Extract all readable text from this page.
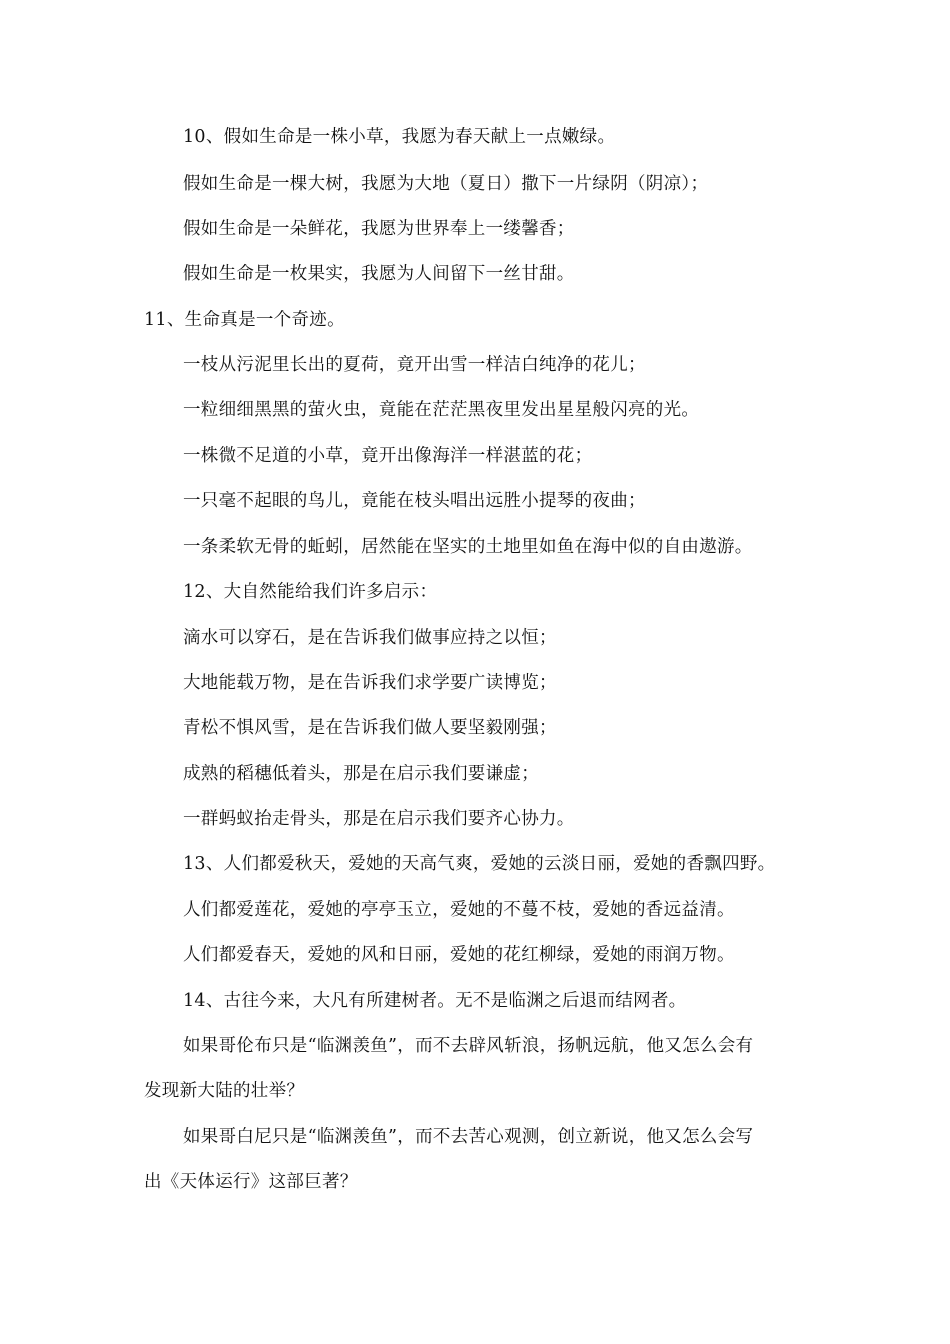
10、假如生命是一株小草，我愿为春天献上一点嫩绿。
假如生命是一棵大树，我愿为大地（夏日）撒下一片绿阴（阴凉）；
假如生命是一朵鲜花，我愿为世界奉上一缕馨香；
假如生命是一枚果实，我愿为人间留下一丝甘甜。
11、生命真是一个奇迹。
一枝从污泥里长出的夏荷，竟开出雪一样洁白纯净的花儿；
一粒细细黑黑的萤火虫，竟能在茫茫黑夜里发出星星般闪亮的光。
一株微不足道的小草，竟开出像海洋一样湛蓝的花；
一只毫不起眼的鸟儿，竟能在枝头唱出远胜小提琴的夜曲；
一条柔软无骨的蚯蚓，居然能在坚实的土地里如鱼在海中似的自由遨游。
12、大自然能给我们许多启示：
滴水可以穿石，是在告诉我们做事应持之以恒；
大地能载万物，是在告诉我们求学要广读博览；
青松不惧风雪，是在告诉我们做人要坚毅刚强；
成熟的稻穗低着头，那是在启示我们要谦虚；
一群蚂蚁抬走骨头，那是在启示我们要齐心协力。
13、人们都爱秋天，爱她的天高气爽，爱她的云淡日丽，爱她的香飘四野。
人们都爱莲花，爱她的亭亭玉立，爱她的不蔓不枝，爱她的香远益清。
人们都爱春天，爱她的风和日丽，爱她的花红柳绿，爱她的雨润万物。
14、古往今来，大凡有所建树者。无不是临渊之后退而结网者。
如果哥伦布只是“临渊羡鱼”，而不去辟风斩浪，扬帆远航，他又怎么会有
发现新大陆的壮举？
如果哥白尼只是“临渊羡鱼”，而不去苦心观测，创立新说，他又怎么会写
出《天体运行》这部巨著？
